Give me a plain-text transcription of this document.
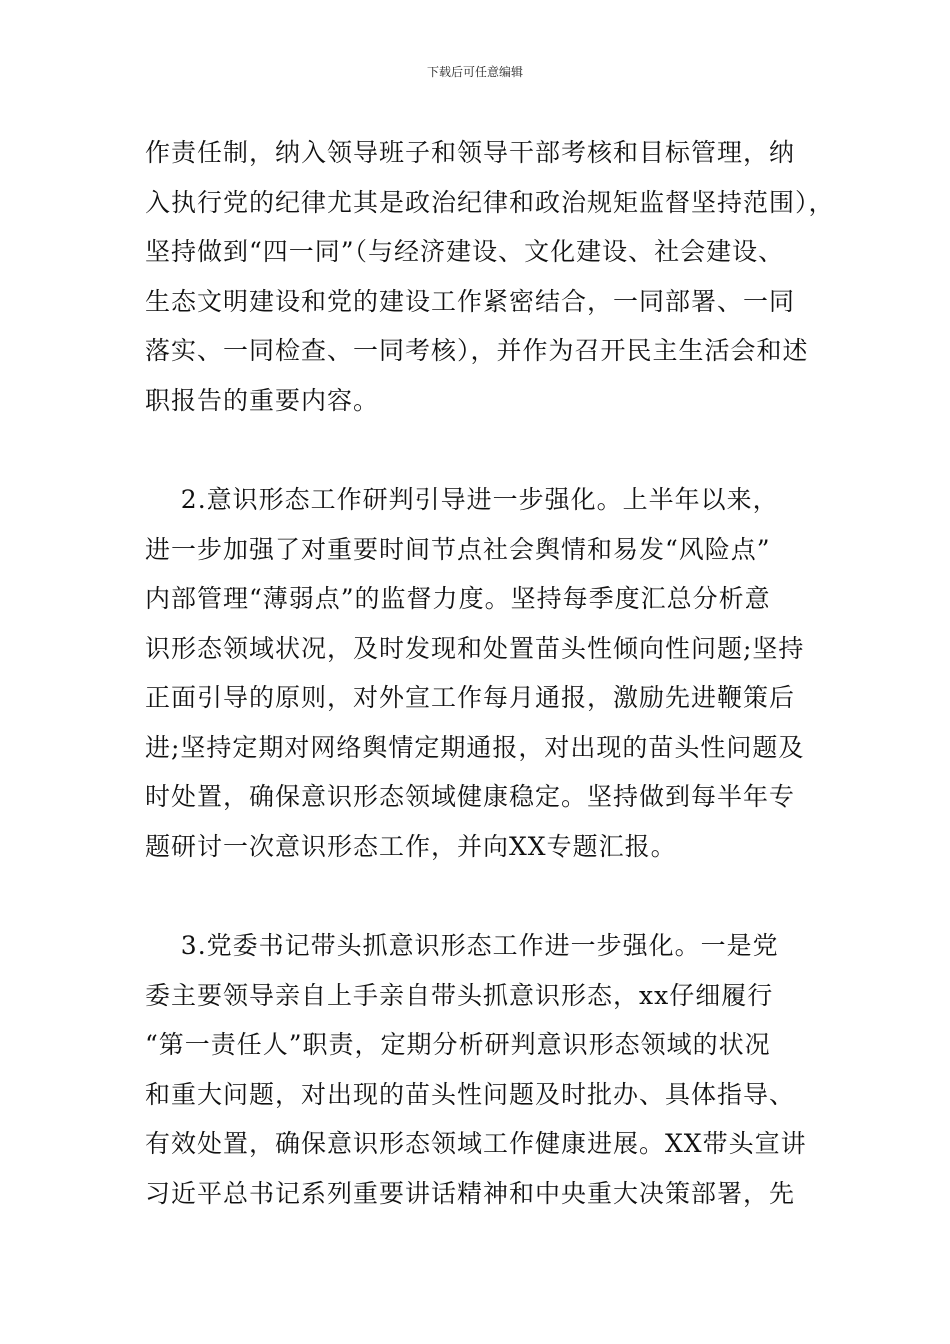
下载后可任意编辑
作责任制，纳入领导班子和领导干部考核和目标管理，纳
入执行党的纪律尤其是政治纪律和政治规矩监督坚持范围），
坚持做到“四一同”（与经济建设、文化建设、社会建设、
生态文明建设和党的建设工作紧密结合，一同部署、一同
落实、一同检查、一同考核），并作为召开民主生活会和述
职报告的重要内容。
2.意识形态工作研判引导进一步强化。上半年以来，
进一步加强了对重要时间节点社会舆情和易发“风险点”
内部管理“薄弱点”的监督力度。坚持每季度汇总分析意
识形态领域状况，及时发现和处置苗头性倾向性问题;坚持
正面引导的原则，对外宣工作每月通报，激励先进鞭策后
进;坚持定期对网络舆情定期通报，对出现的苗头性问题及
时处置，确保意识形态领域健康稳定。坚持做到每半年专
题研讨一次意识形态工作，并向XX专题汇报。
3.党委书记带头抓意识形态工作进一步强化。一是党
委主要领导亲自上手亲自带头抓意识形态，xx仔细履行
“第一责任人”职责，定期分析研判意识形态领域的状况
和重大问题，对出现的苗头性问题及时批办、具体指导、
有效处置，确保意识形态领域工作健康进展。XX带头宣讲
习近平总书记系列重要讲话精神和中央重大决策部署，先
